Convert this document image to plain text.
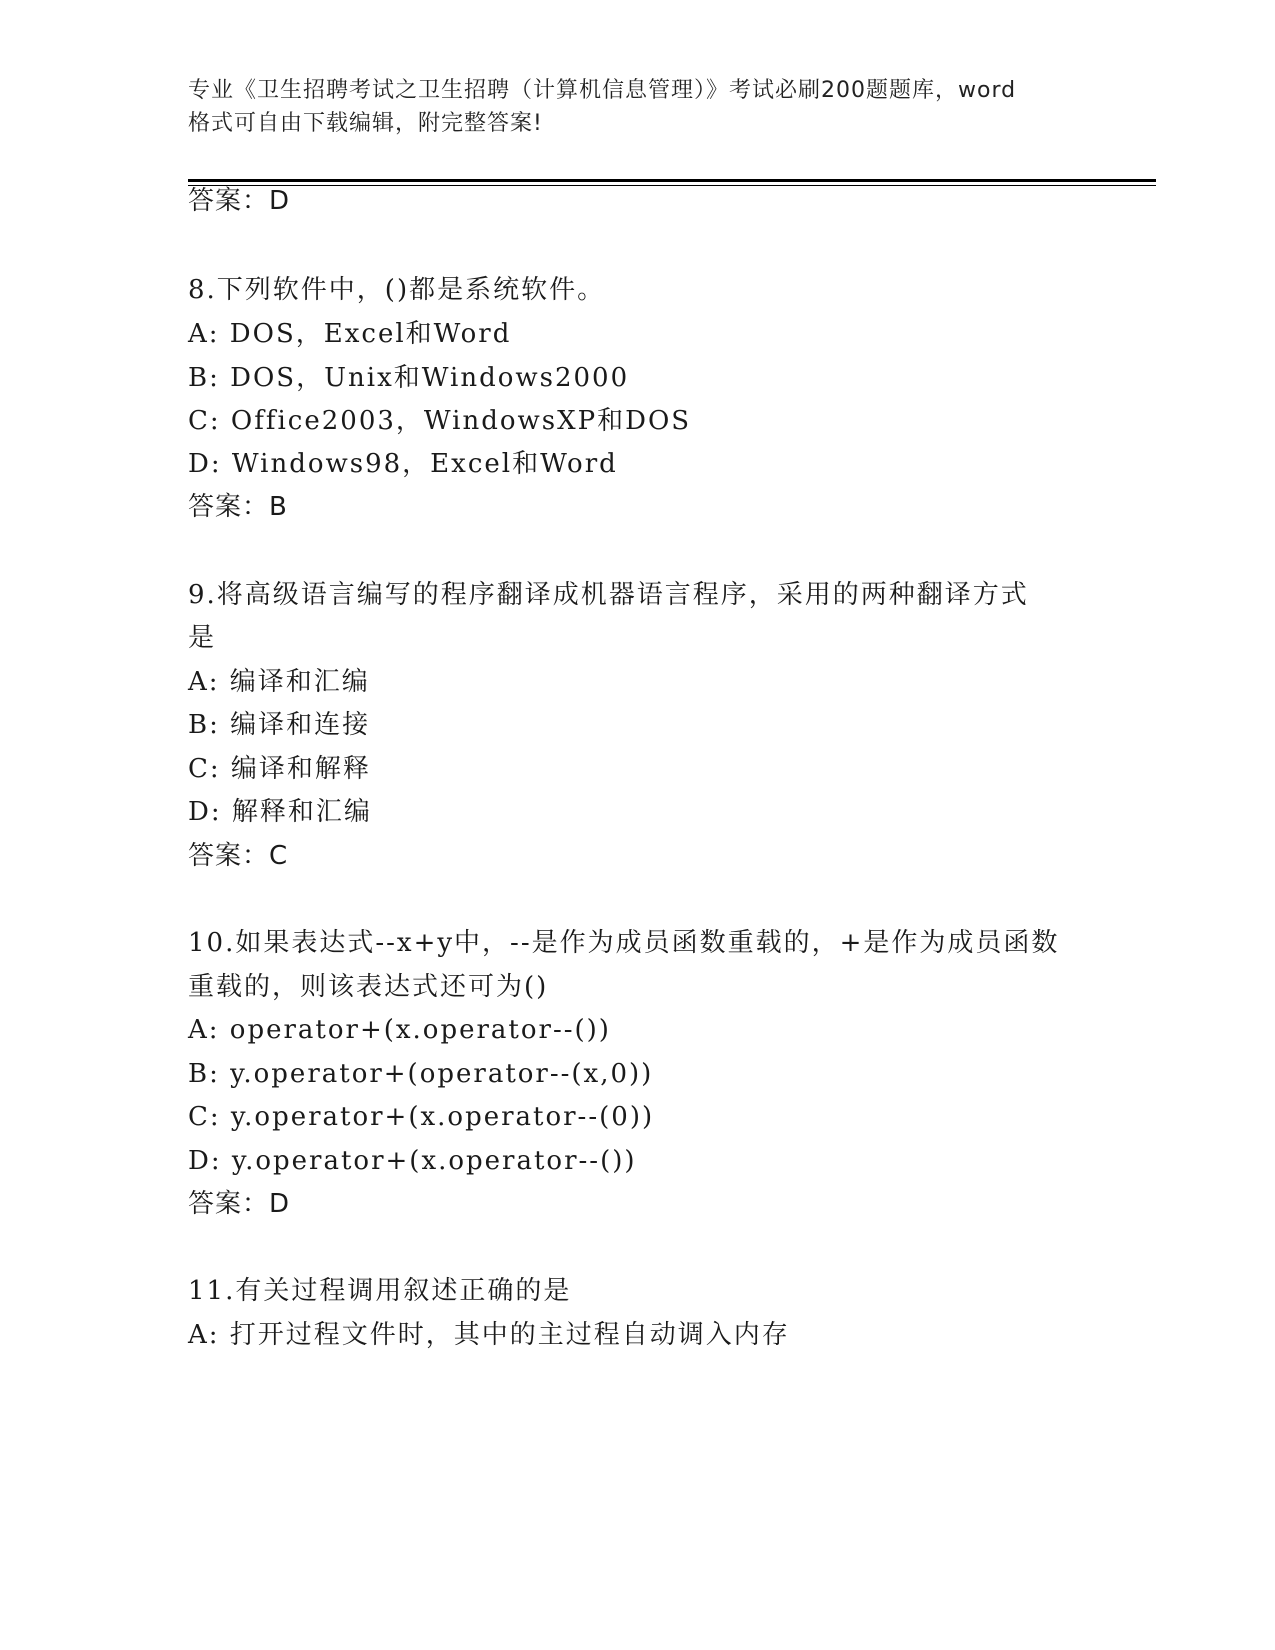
专业《卫生招聘考试之卫生招聘（计算机信息管理）》考试必刷200题题库，word
格式可自由下载编辑，附完整答案!
答案：D
8.下列软件中，()都是系统软件。
A: DOS，Excel和Word
B: DOS，Unix和Windows2000
C: Office2003，WindowsXP和DOS
D: Windows98，Excel和Word
答案：B
9.将高级语言编写的程序翻译成机器语言程序，采用的两种翻译方式
是
A: 编译和汇编
B: 编译和连接
C: 编译和解释
D: 解释和汇编
答案：C
10.如果表达式--x+y中，--是作为成员函数重载的，+是作为成员函数
重载的，则该表达式还可为()
A: operator+(x.operator--())
B: y.operator+(operator--(x,0))
C: y.operator+(x.operator--(0))
D: y.operator+(x.operator--())
答案：D
11.有关过程调用叙述正确的是
A: 打开过程文件时，其中的主过程自动调入内存
